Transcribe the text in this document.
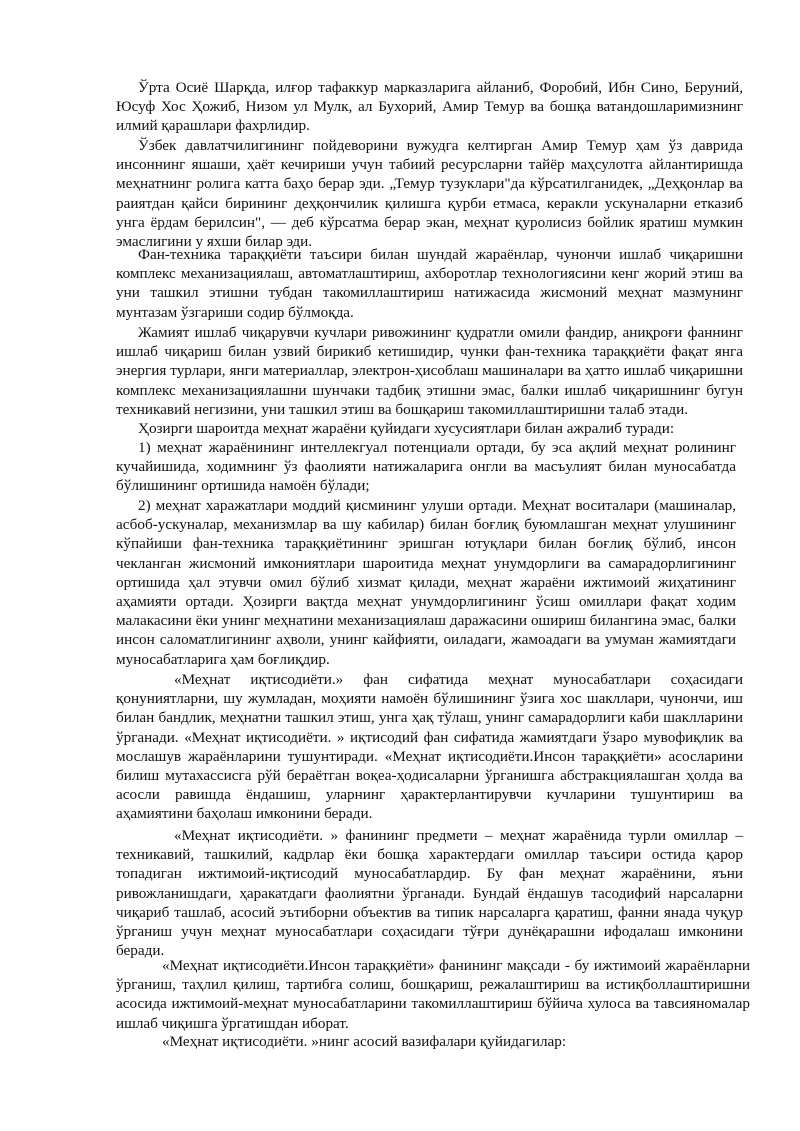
Ўрта Осиё Шарқда, илғор тафаккур марказларига айланиб, Форобий, Ибн Сино, Беруний, Юсуф Хос Ҳожиб, Низом ул Мулк, ал Бухорий, Амир Темур ва бошқа ватандошларимизнинг илмий қарашлари фахрлидир.

Ўзбек давлатчилигининг пойдеворини вужудга келтирган Амир Темур ҳам ўз даврида инсоннинг яшаши, ҳаёт кечириши учун табиий ресурсларни тайёр маҳсулотга айлантиришда меҳнатнинг ролига катта баҳо берар эди. „Темур тузуклари"да кўрсатилганидек, „Деҳқонлар ва раиятдан қайси бирининг деҳқончилик қилишга қурби етмаса, керакли ускуналарни етказиб унга ёрдам берилсин", — деб кўрсатма берар экан, меҳнат қуролисиз бойлик яратиш мумкин эмаслигини у яхши билар эди.

Фан-техника тараққиёти таъсири билан шундай жараёнлар, чунончи ишлаб чиқаришни комплекс механизациялаш, автоматлаштириш, ахборотлар технологиясини кенг жорий этиш ва уни ташкил этишни тубдан такомиллаштириш натижасида жисмоний меҳнат мазмунинг мунтазам ўзгариши содир бўлмоқда.

Жамият ишлаб чиқарувчи кучлари ривожининг қудратли омили фандир, аниқроғи фаннинг ишлаб чиқариш билан узвий бирикиб кетишидир, чунки фан-техника тараққиёти фақат янга энергия турлари, янги материаллар, электрон-ҳисоблаш машиналари ва ҳатто ишлаб чиқаришни комплекс механизациялашни шунчаки тадбиқ этишни эмас, балки ишлаб чиқаришнинг бугун техникавий негизини, уни ташкил этиш ва бошқариш такомиллаштиришни талаб этади.

Ҳозирги шароитда меҳнат жараёни қуйидаги хусусиятлари билан ажралиб туради:

1) меҳнат жараёнининг интеллекгуал потенциали ортади, бу эса ақлий меҳнат ролининг кучайишида, ходимнинг ўз фаолияти натижаларига онгли ва масъулият билан муносабатда бўлишининг ортишида намоён бўлади;

2) меҳнат харажатлари моддий қисмининг улуши ортади. Меҳнат воситалари (машиналар, асбоб-ускуналар, механизмлар ва шу кабилар) билан боғлиқ буюмлашган меҳнат улушининг кўпайиши фан-техника тараққиётининг эришган ютуқлари билан боғлиқ бўлиб, инсон чекланган жисмоний имкониятлари шароитида меҳнат унумдорлиги ва самарадорлигининг ортишида ҳал этувчи омил бўлиб хизмат қилади, меҳнат жараёни ижтимоий жиҳатининг аҳамияти ортади. Ҳозирги вақтда меҳнат унумдорлигининг ўсиш омиллари фақат ходим малакасини ёки унинг меҳнатини механизациялаш даражасини ошириш билангина эмас, балки инсон саломатлигининг аҳволи, унинг кайфияти, оиладаги, жамоадаги ва умуман жамиятдаги муносабатларига ҳам боғлиқдир.

«Меҳнат иқтисодиёти.» фан сифатида меҳнат муносабатлари соҳасидаги қонуниятларни, шу жумладан, моҳияти намоён бўлишининг ўзига хос шакллари, чунончи, иш билан бандлик, меҳнатни ташкил этиш, унга ҳақ тўлаш, унинг самарадорлиги каби шаклларини ўрганади. «Меҳнат иқтисодиёти. » иқтисодий фан сифатида жамиятдаги ўзаро мувофиқлик ва мослашув жараёнларини тушунтиради. «Меҳнат иқтисодиёти.Инсон тараққиёти» асосларини билиш мутахассисга рўй бераётган воқеа-ҳодисаларни ўрганишга абстракциялашган ҳолда ва асосли равишда ёндашиш, уларнинг ҳарактерлантирувчи кучларини тушунтириш ва аҳамиятини баҳолаш имконини беради.

«Меҳнат иқтисодиёти. » фанининг предмети – меҳнат жараёнида турли омиллар – техникавий, ташкилий, кадрлар ёки бошқа характердаги омиллар таъсири остида қарор топадиган ижтимоий-иқтисодий муносабатлардир. Бу фан меҳнат жараёнини, яъни ривожланишдаги, ҳаракатдаги фаолиятни ўрганади. Бундай ёндашув тасодифий нарсаларни чиқариб ташлаб, асосий эътиборни объектив ва типик нарсаларга қаратиш, фанни янада чуқур ўрганиш учун меҳнат муносабатлари соҳасидаги тўғри дунёқарашни ифодалаш имконини беради.

«Меҳнат иқтисодиёти.Инсон тараққиёти» фанининг мақсади - бу ижтимоий жараёнларни ўрганиш, таҳлил қилиш, тартибга солиш, бошқариш, режалаштириш ва истиқболлаштиришни асосида ижтимоий-меҳнат муносабатларини такомиллаштириш бўйича хулоса ва тавсияномалар ишлаб чиқишга ўргатишдан иборат.

«Меҳнат иқтисодиёти. »нинг асосий вазифалари қуйидагилар:
